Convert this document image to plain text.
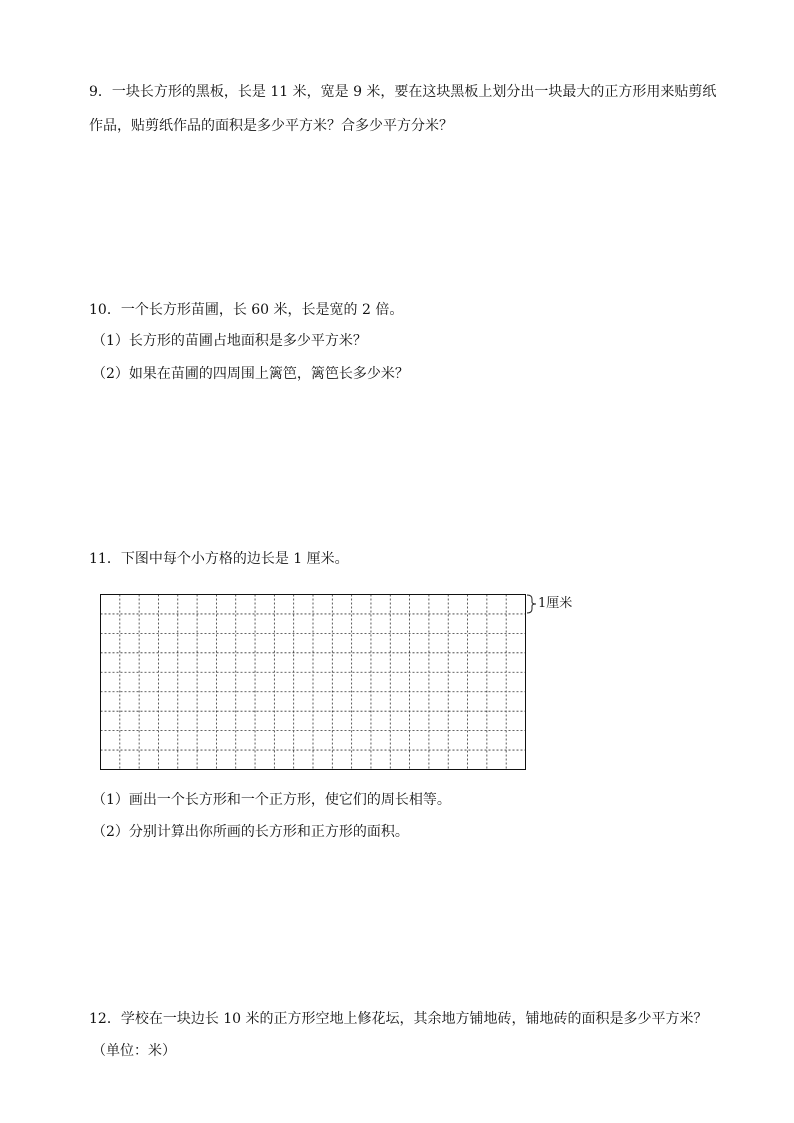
9．一块长方形的黑板，长是 11 米，宽是 9 米，要在这块黑板上划分出一块最大的正方形用来贴剪纸
作品，贴剪纸作品的面积是多少平方米？合多少平方分米？
10．一个长方形苗圃，长 60 米，长是宽的 2 倍。
（1）长方形的苗圃占地面积是多少平方米？
（2）如果在苗圃的四周围上篱笆，篱笆长多少米？
11．下图中每个小方格的边长是 1 厘米。
1厘米
（1）画出一个长方形和一个正方形，使它们的周长相等。
（2）分别计算出你所画的长方形和正方形的面积。
12．学校在一块边长 10 米的正方形空地上修花坛，其余地方铺地砖，铺地砖的面积是多少平方米？
（单位：米）
